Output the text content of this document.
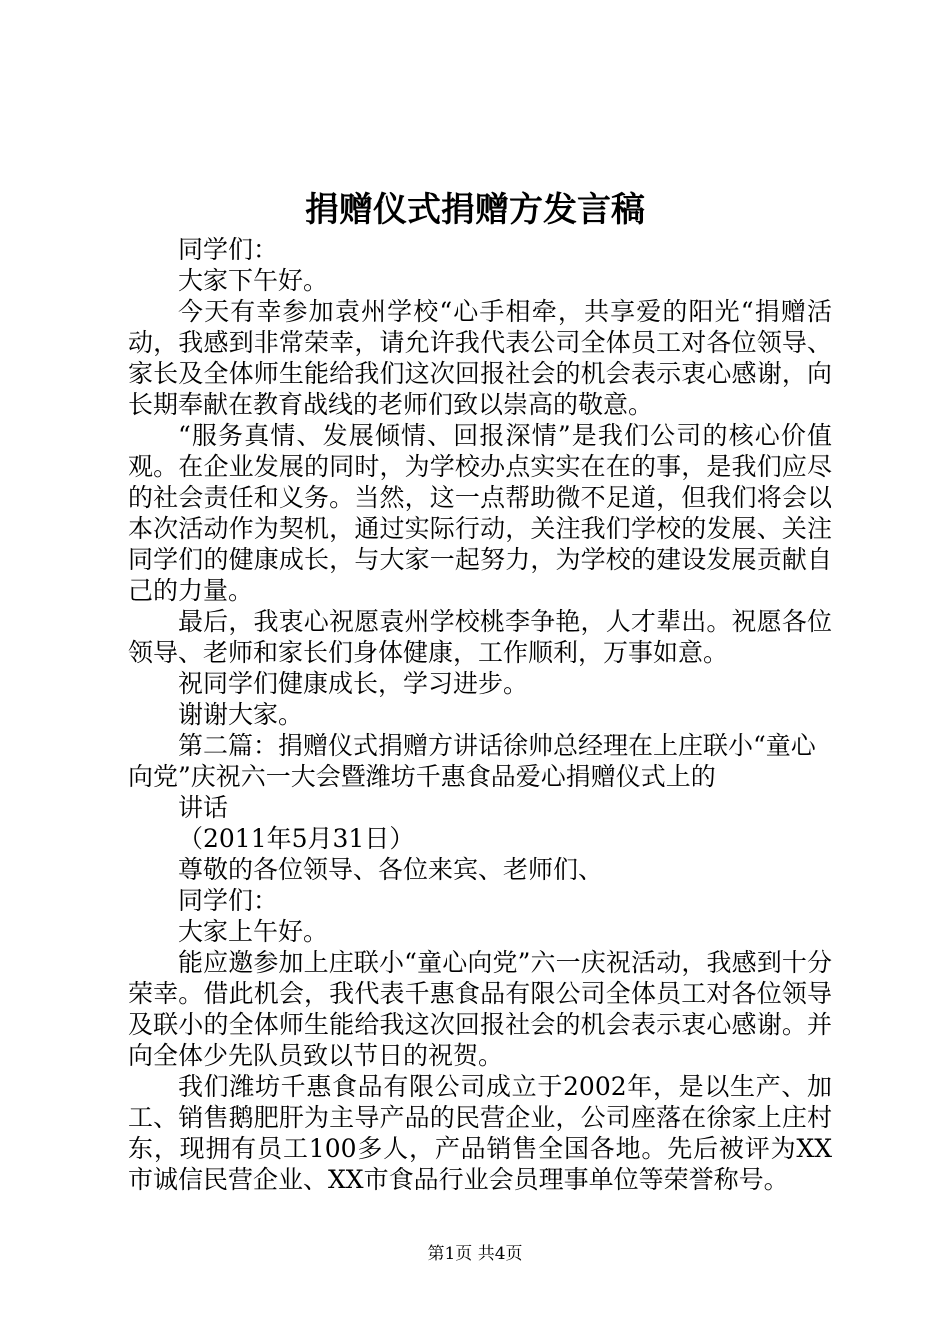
捐赠仪式捐赠方发言稿

同学们：

大家下午好。

今天有幸参加袁州学校“心手相牵，共享爱的阳光“捐赠活动，我感到非常荣幸，请允许我代表公司全体员工对各位领导、家长及全体师生能给我们这次回报社会的机会表示衷心感谢，向长期奉献在教育战线的老师们致以崇高的敬意。

“服务真情、发展倾情、回报深情”是我们公司的核心价值观。在企业发展的同时，为学校办点实实在在的事，是我们应尽的社会责任和义务。当然，这一点帮助微不足道，但我们将会以本次活动作为契机，通过实际行动，关注我们学校的发展、关注同学们的健康成长，与大家一起努力，为学校的建设发展贡献自己的力量。

最后，我衷心祝愿袁州学校桃李争艳，人才辈出。祝愿各位领导、老师和家长们身体健康，工作顺利，万事如意。

祝同学们健康成长，学习进步。

谢谢大家。

第二篇：捐赠仪式捐赠方讲话徐帅总经理在上庄联小“童心向党”庆祝六一大会暨潍坊千惠食品爱心捐赠仪式上的

讲话

（2011年5月31日）

尊敬的各位领导、各位来宾、老师们、

同学们：

大家上午好。

能应邀参加上庄联小“童心向党”六一庆祝活动，我感到十分荣幸。借此机会，我代表千惠食品有限公司全体员工对各位领导及联小的全体师生能给我这次回报社会的机会表示衷心感谢。并向全体少先队员致以节日的祝贺。

我们潍坊千惠食品有限公司成立于2002年，是以生产、加工、销售鹅肥肝为主导产品的民营企业，公司座落在徐家上庄村东，现拥有员工100多人，产品销售全国各地。先后被评为XX市诚信民营企业、XX市食品行业会员理事单位等荣誉称号。

第1页 共4页
